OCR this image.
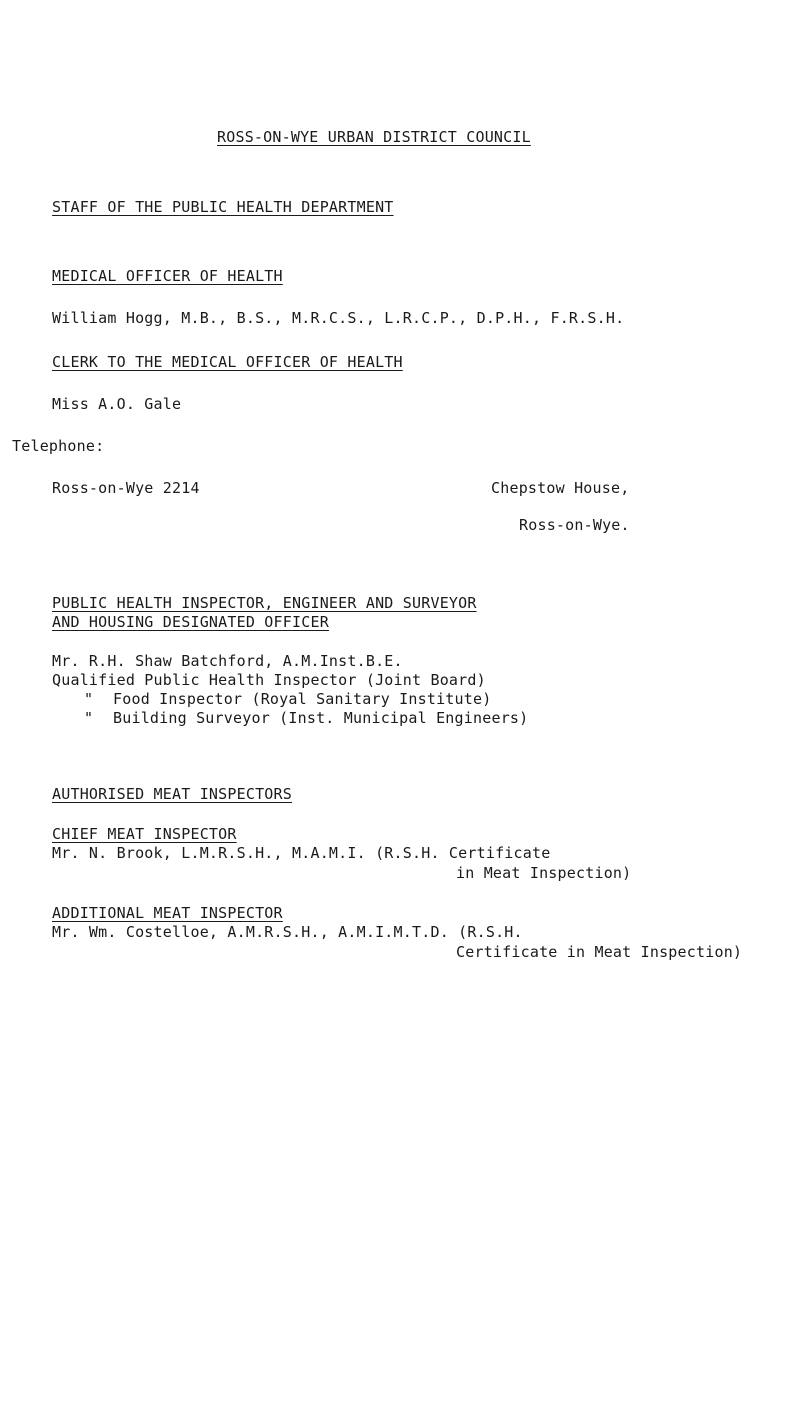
ROSS-ON-WYE URBAN DISTRICT COUNCIL
STAFF OF THE PUBLIC HEALTH DEPARTMENT
MEDICAL OFFICER OF HEALTH
William Hogg, M.B., B.S., M.R.C.S., L.R.C.P., D.P.H., F.R.S.H.
CLERK TO THE MEDICAL OFFICER OF HEALTH
Miss A.O. Gale
Telephone:
Ross-on-Wye 2214	Chepstow House,
Ross-on-Wye.
PUBLIC HEALTH INSPECTOR, ENGINEER AND SURVEYOR
AND HOUSING DESIGNATED OFFICER
Mr. R.H. Shaw Batchford, A.M.Inst.B.E.
Qualified Public Health Inspector (Joint Board)
" Food Inspector (Royal Sanitary Institute)
" Building Surveyor (Inst. Municipal Engineers)
AUTHORISED MEAT INSPECTORS
CHIEF MEAT INSPECTOR
Mr. N. Brook, L.M.R.S.H., M.A.M.I. (R.S.H. Certificate
in Meat Inspection)
ADDITIONAL MEAT INSPECTOR
Mr. Wm. Costelloe, A.M.R.S.H., A.M.I.M.T.D. (R.S.H.
Certificate in Meat Inspection)
